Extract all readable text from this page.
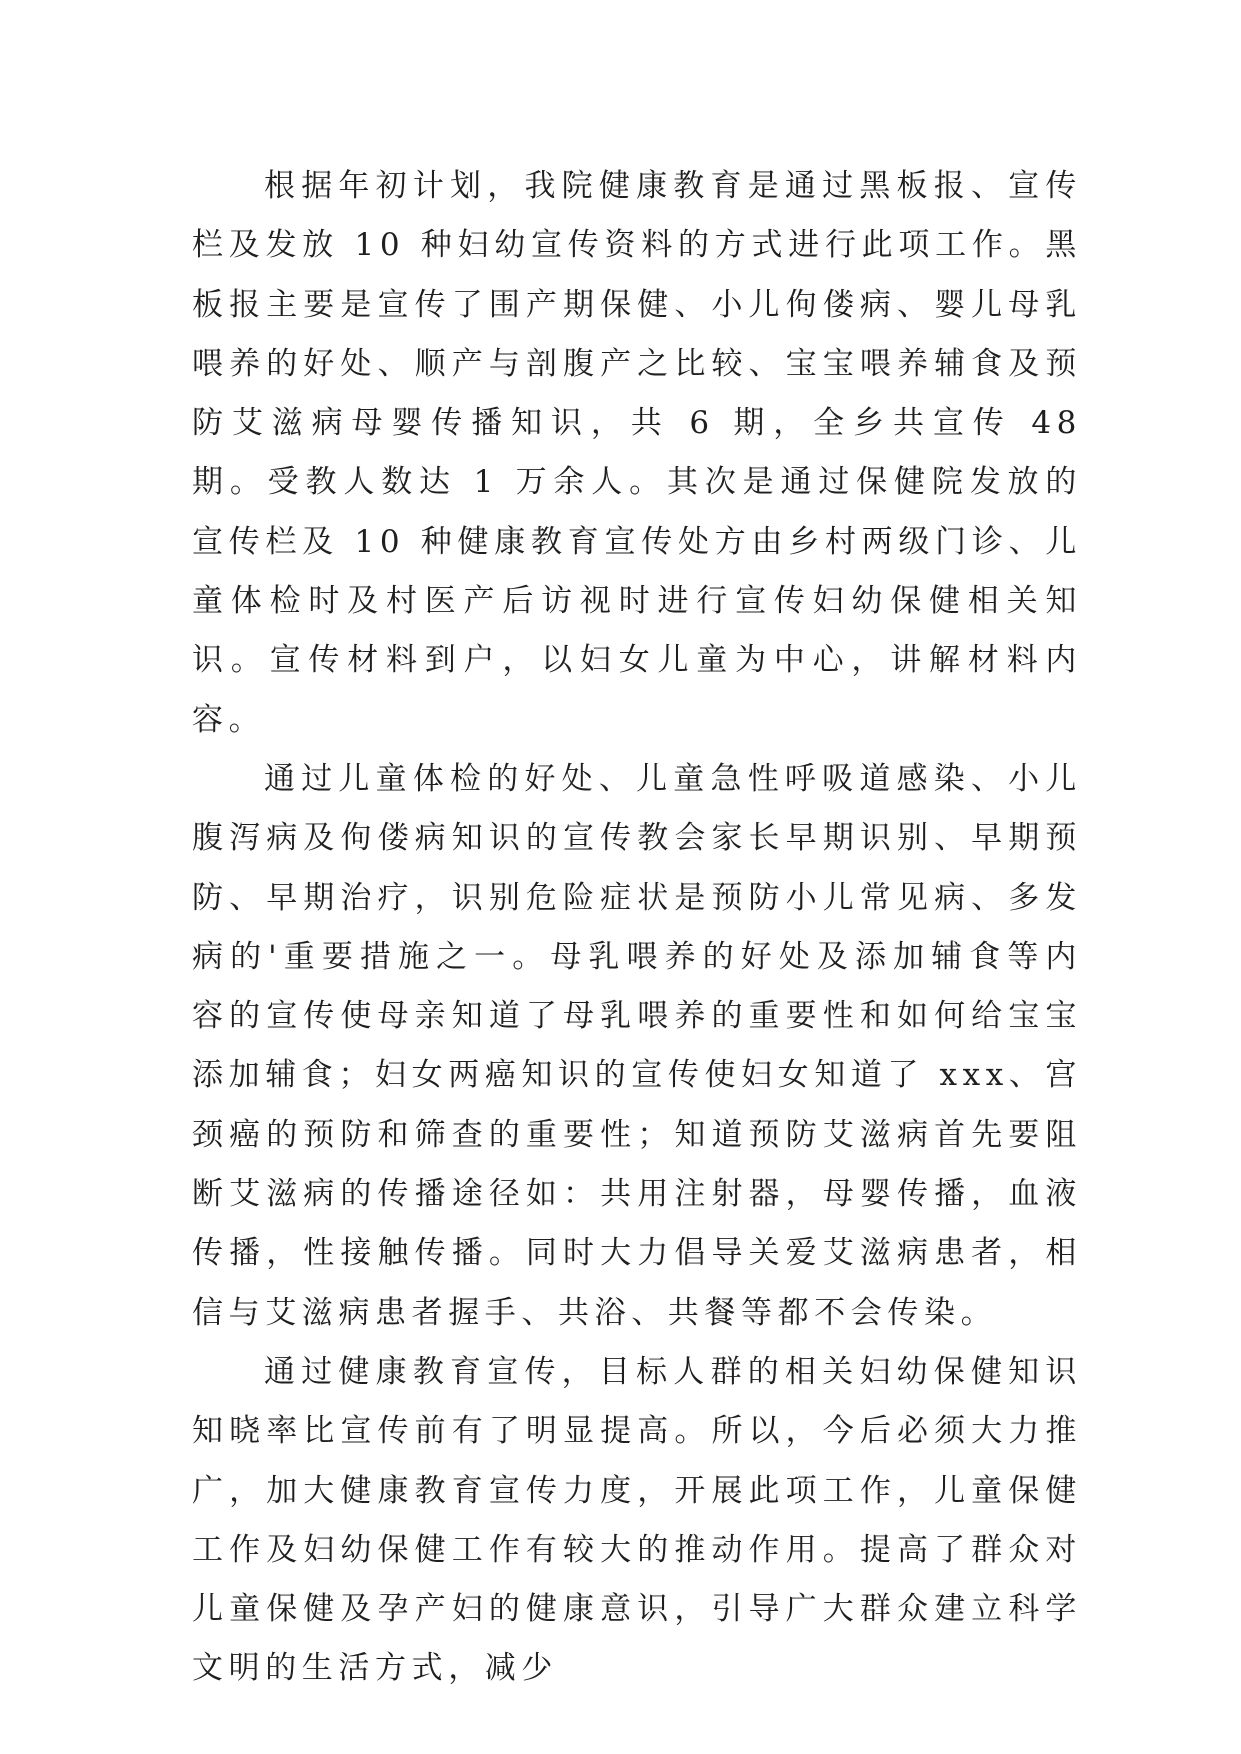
根据年初计划，我院健康教育是通过黑板报、宣传栏及发放 10 种妇幼宣传资料的方式进行此项工作。黑板报主要是宣传了围产期保健、小儿佝偻病、婴儿母乳喂养的好处、顺产与剖腹产之比较、宝宝喂养辅食及预防艾滋病母婴传播知识，共 6 期，全乡共宣传 48 期。受教人数达 1 万余人。其次是通过保健院发放的宣传栏及 10 种健康教育宣传处方由乡村两级门诊、儿童体检时及村医产后访视时进行宣传妇幼保健相关知识。宣传材料到户，以妇女儿童为中心，讲解材料内容。

通过儿童体检的好处、儿童急性呼吸道感染、小儿腹泻病及佝偻病知识的宣传教会家长早期识别、早期预防、早期治疗，识别危险症状是预防小儿常见病、多发病的'重要措施之一。母乳喂养的好处及添加辅食等内容的宣传使母亲知道了母乳喂养的重要性和如何给宝宝添加辅食；妇女两癌知识的宣传使妇女知道了 xxx、宫颈癌的预防和筛查的重要性；知道预防艾滋病首先要阻断艾滋病的传播途径如：共用注射器，母婴传播，血液传播，性接触传播。同时大力倡导关爱艾滋病患者，相信与艾滋病患者握手、共浴、共餐等都不会传染。

通过健康教育宣传，目标人群的相关妇幼保健知识知晓率比宣传前有了明显提高。所以，今后必须大力推广，加大健康教育宣传力度，开展此项工作，儿童保健工作及妇幼保健工作有较大的推动作用。提高了群众对儿童保健及孕产妇的健康意识，引导广大群众建立科学文明的生活方式，减少
